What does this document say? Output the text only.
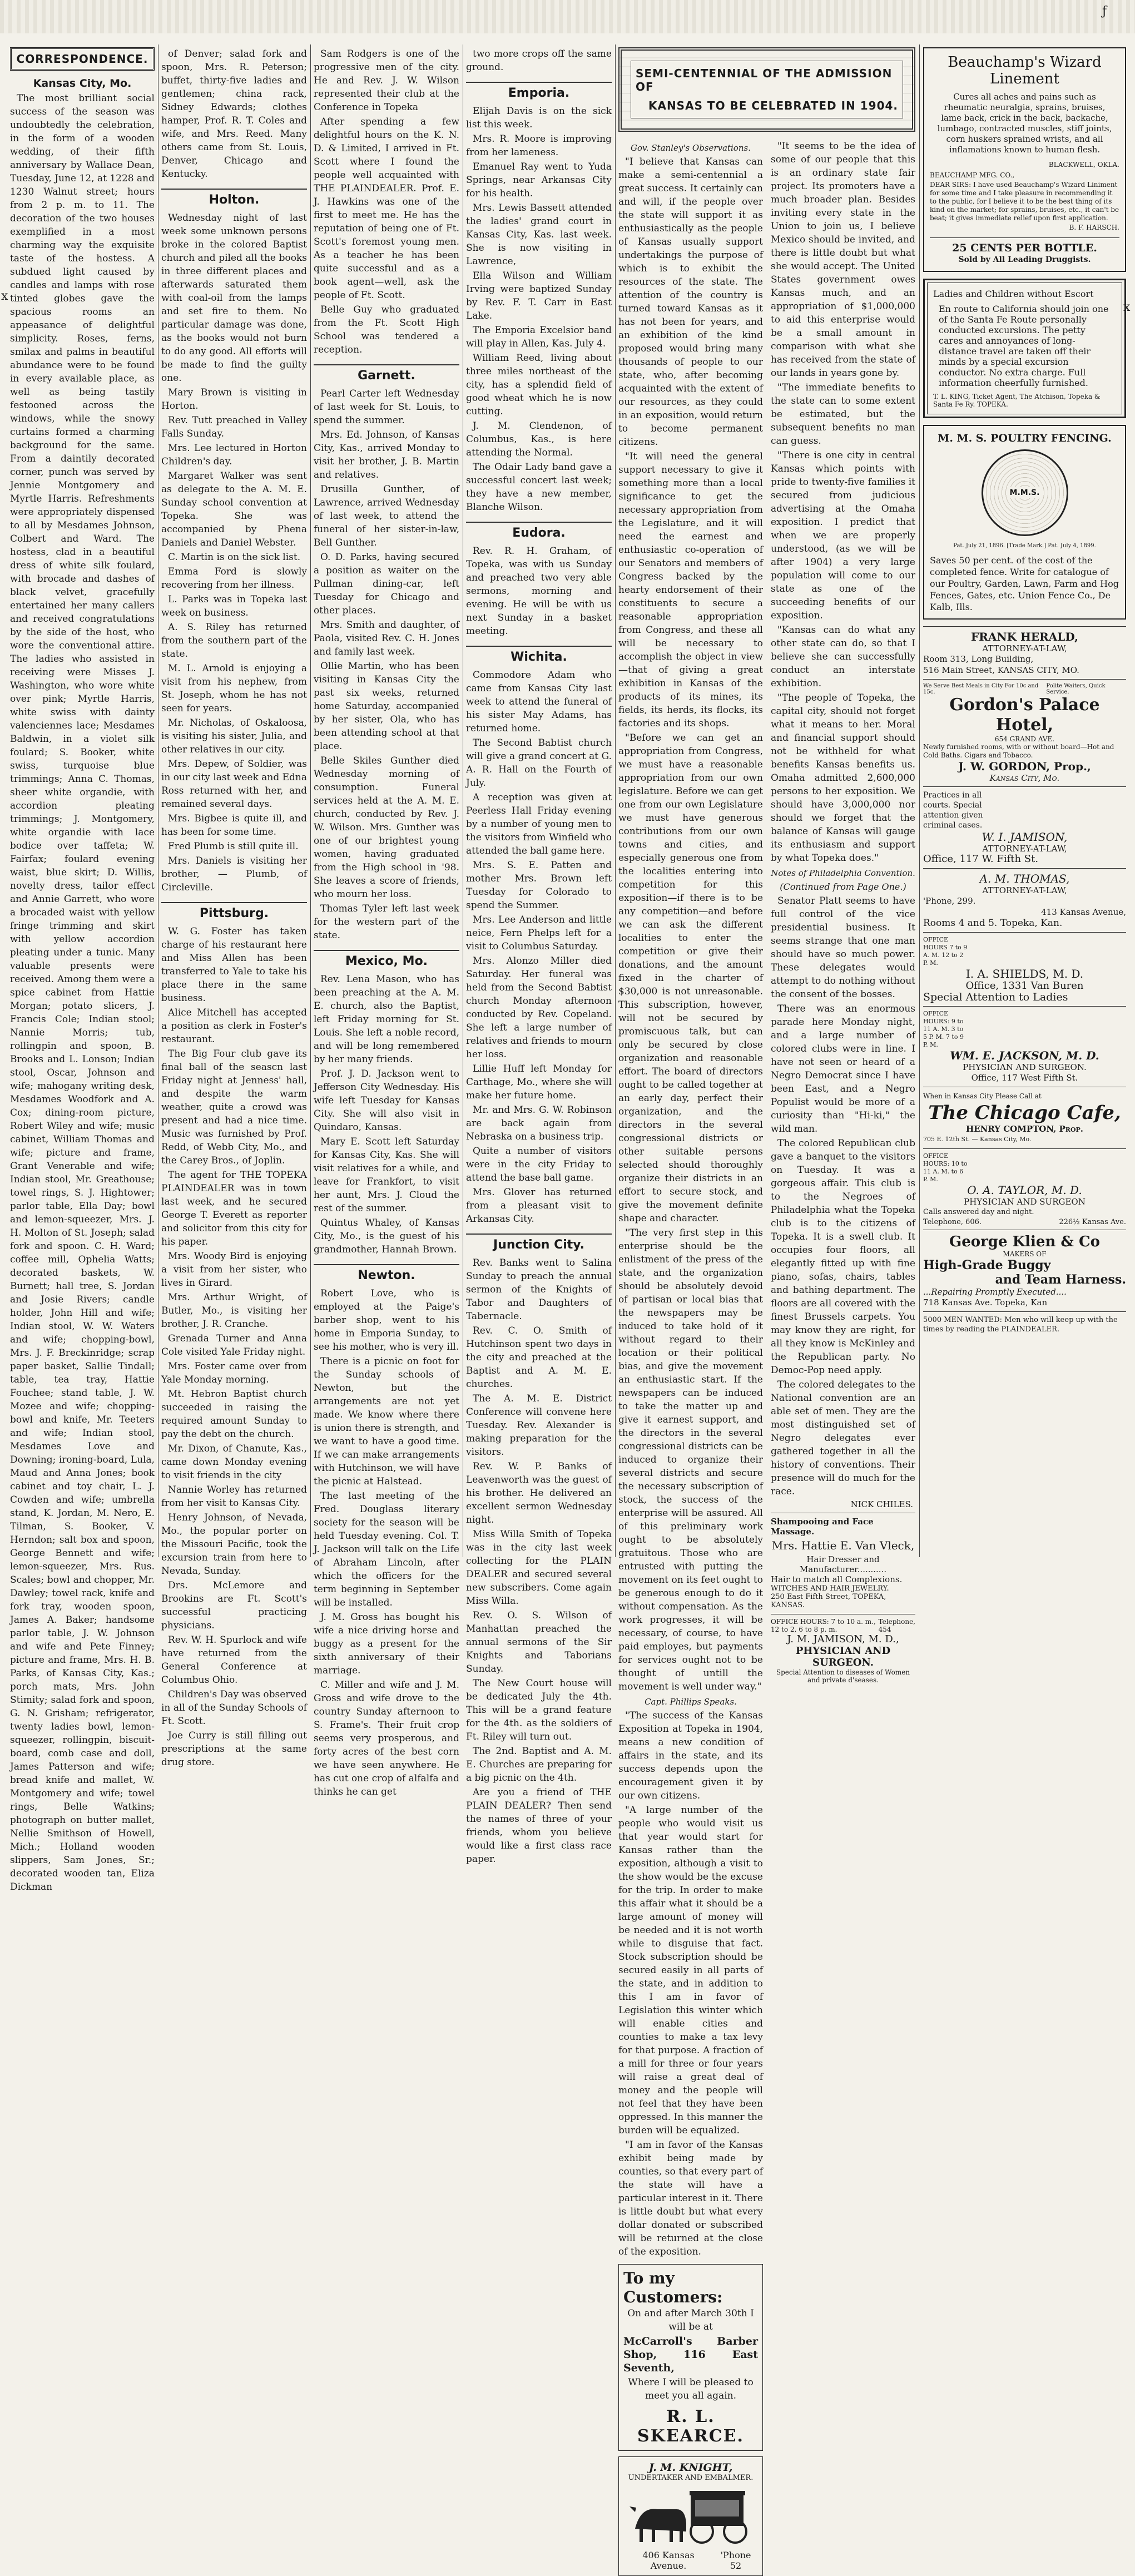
ƒ
x
x
CORRESPONDENCE.
Kansas City, Mo.

The most brilliant social success of the season was undoubtedly the celebration, in the form of a wooden wedding, of their fifth anniversary by Wallace Dean, Tuesday, June 12, at 1228 and 1230 Walnut street; hours from 2 p. m. to 11. The decoration of the two houses exemplified in a most charming way the exquisite taste of the hostess. A subdued light caused by candles and lamps with rose tinted globes gave the spacious rooms an appeasance of delightful simplicity. Roses, ferns, smilax and palms in beautiful abundance were to be found in every available place, as well as being tastily festooned across the windows, while the snowy curtains formed a charming background for the same. From a daintily decorated corner, punch was served by Jennie Montgomery and Myrtle Harris. Refreshments were appropriately dispensed to all by Mesdames Johnson, Colbert and Ward. The hostess, clad in a beautiful dress of white silk foulard, with brocade and dashes of black velvet, gracefully entertained her many callers and received congratulations by the side of the host, who wore the conventional attire. The ladies who assisted in receiving were Misses J. Washington, who wore white over pink; Myrtle Harris, white swiss with dainty valenciennes lace; Mesdames Baldwin, in a violet silk foulard; S. Booker, white swiss, turquoise blue trimmings; Anna C. Thomas, sheer white organdie, with accordion pleating trimmings; J. Montgomery, white organdie with lace bodice over taffeta; W. Fairfax; foulard evening waist, blue skirt; D. Willis, novelty dress, tailor effect and Annie Garrett, who wore a brocaded waist with yellow fringe trimming and skirt with yellow accordion pleating under a tunic. Many valuable presents were received. Among them were a spice cabinet from Hattie Morgan; potato slicers, J. Francis Cole; Indian stool; Nannie Morris; tub, rollingpin and spoon, B. Brooks and L. Lonson; Indian stool, Oscar, Johnson and wife; mahogany writing desk, Mesdames Woodfork and A. Cox; dining-room picture, Robert Wiley and wife; music cabinet, William Thomas and wife; picture and frame, Grant Venerable and wife; Indian stool, Mr. Greathouse; towel rings, S. J. Hightower; parlor table, Ella Day; bowl and lemon-squeezer, Mrs. J. H. Molton of St. Joseph; salad fork and spoon. C. H. Ward; coffee mill, Ophelia Watts; decorated baskets, W. Burnett; hall tree, S. Jordan and Josie Rivers; candle holder, John Hill and wife; Indian stool, W. W. Waters and wife; chopping-bowl, Mrs. J. F. Breckinridge; scrap paper basket, Sallie Tindall; table, tea tray, Hattie Fouchee; stand table, J. W. Mozee and wife; chopping-bowl and knife, Mr. Teeters and wife; Indian stool, Mesdames Love and Downing; ironing-board, Lula, Maud and Anna Jones; book cabinet and toy chair, L. J. Cowden and wife; umbrella stand, K. Jordan, M. Nero, E. Tilman, S. Booker, V. Herndon; salt box and spoon, George Bennett and wife; lemon-squeezer, Mrs. Rus. Scales; bowl and chopper, Mr. Dawley; towel rack, knife and fork tray, wooden spoon, James A. Baker; handsome parlor table, J. W. Johnson and wife and Pete Finney; picture and frame, Mrs. H. B. Parks, of Kansas City, Kas.; porch mats, Mrs. John Stimity; salad fork and spoon, G. N. Grisham; refrigerator, twenty ladies bowl, lemon-squeezer, rollingpin, biscuit-board, comb case and doll, James Patterson and wife; bread knife and mallet, W. Montgomery and wife; towel rings, Belle Watkins; photograph on butter mallet, Nellie Smithson of Howell, Mich.; Holland wooden slippers, Sam Jones, Sr.; decorated wooden tan, Eliza Dickman

of Denver; salad fork and spoon, Mrs. R. Peterson; buffet, thirty-five ladies and gentlemen; china rack, Sidney Edwards; clothes hamper, Prof. R. T. Coles and wife, and Mrs. Reed. Many others came from St. Louis, Denver, Chicago and Kentucky.

Holton.

Wednesday night of last week some unknown persons broke in the colored Baptist church and piled all the books in three different places and afterwards saturated them with coal-oil from the lamps and set fire to them. No particular damage was done, as the books would not burn to do any good. All efforts will be made to find the guilty one.

Mary Brown is visiting in Horton.

Rev. Tutt preached in Valley Falls Sunday.

Mrs. Lee lectured in Horton Children's day.

Margaret Walker was sent as delegate to the A. M. E. Sunday school convention at Topeka. She was accompanied by Phena Daniels and Daniel Webster.

C. Martin is on the sick list.

Emma Ford is slowly recovering from her illness.

L. Parks was in Topeka last week on business.

A. S. Riley has returned from the southern part of the state.

M. L. Arnold is enjoying a visit from his nephew, from St. Joseph, whom he has not seen for years.

Mr. Nicholas, of Oskaloosa, is visiting his sister, Julia, and other relatives in our city.

Mrs. Depew, of Soldier, was in our city last week and Edna Ross returned with her, and remained several days.

Mrs. Bigbee is quite ill, and has been for some time.

Fred Plumb is still quite ill.

Mrs. Daniels is visiting her brother, — Plumb, of Circleville.

Pittsburg.

W. G. Foster has taken charge of his restaurant here and Miss Allen has been transferred to Yale to take his place there in the same business.

Alice Mitchell has accepted a position as clerk in Foster's restaurant.

The Big Four club gave its final ball of the seascn last Friday night at Jenness' hall, and despite the warm weather, quite a crowd was present and had a nice time. Music was furnished by Prof. Redd, of Webb City, Mo., and the Carey Bros., of Joplin.

The agent for THE TOPEKA PLAINDEALER was in town last week, and he secured George T. Everett as reporter and solicitor from this city for his paper.

Mrs. Woody Bird is enjoying a visit from her sister, who lives in Girard.

Mrs. Arthur Wright, of Butler, Mo., is visiting her brother, J. R. Cranche.

Grenada Turner and Anna Cole visited Yale Friday night.

Mrs. Foster came over from Yale Monday morning.

Mt. Hebron Baptist church succeeded in raising the required amount Sunday to pay the debt on the church.

Mr. Dixon, of Chanute, Kas., came down Monday evening to visit friends in the city

Nannie Worley has returned from her visit to Kansas City.

Henry Johnson, of Nevada, Mo., the popular porter on the Missouri Pacific, took the excursion train from here to Nevada, Sunday.

Drs. McLemore and Brookins are Ft. Scott's successful practicing physicians.

Rev. W. H. Spurlock and wife have returned from the General Conference at Columbus Ohio.

Children's Day was observed in all of the Sunday Schools of Ft. Scott.

Joe Curry is still filling out prescriptions at the same drug store.

Sam Rodgers is one of the progressive men of the city. He and Rev. J. W. Wilson represented their club at the Conference in Topeka

After spending a few delightful hours on the K. N. D. & Limited, I arrived in Ft. Scott where I found the people well acquainted with THE PLAINDEALER. Prof. E. J. Hawkins was one of the first to meet me. He has the reputation of being one of Ft. Scott's foremost young men. As a teacher he has been quite successful and as a book agent—well, ask the people of Ft. Scott.

Belle Guy who graduated from the Ft. Scott High School was tendered a reception.

Garnett.

Pearl Carter left Wednesday of last week for St. Louis, to spend the summer.

Mrs. Ed. Johnson, of Kansas City, Kas., arrived Monday to visit her brother, J. B. Martin and relatives.

Drusilla Gunther, of Lawrence, arrived Wednesday of last week, to attend the funeral of her sister-in-law, Bell Gunther.

O. D. Parks, having secured a position as waiter on the Pullman dining-car, left Tuesday for Chicago and other places.

Mrs. Smith and daughter, of Paola, visited Rev. C. H. Jones and family last week.

Ollie Martin, who has been visiting in Kansas City the past six weeks, returned home Saturday, accompanied by her sister, Ola, who has been attending school at that place.

Belle Skiles Gunther died Wednesday morning of consumption. Funeral services held at the A. M. E. church, conducted by Rev. J. W. Wilson. Mrs. Gunther was one of our brightest young women, having graduated from the High school in '98. She leaves a score of friends, who mourn her loss.

Thomas Tyler left last week for the western part of the state.

Mexico, Mo.

Rev. Lena Mason, who has been preaching at the A. M. E. church, also the Baptist, left Friday morning for St. Louis. She left a noble record, and will be long remembered by her many friends.

Prof. J. D. Jackson went to Jefferson City Wednesday. His wife left Tuesday for Kansas City. She will also visit in Quindaro, Kansas.

Mary E. Scott left Saturday for Kansas City, Kas. She will visit relatives for a while, and leave for Frankfort, to visit her aunt, Mrs. J. Cloud the rest of the summer.

Quintus Whaley, of Kansas City, Mo., is the guest of his grandmother, Hannah Brown.

Newton.

Robert Love, who is employed at the Paige's barber shop, went to his home in Emporia Sunday, to see his mother, who is very ill.

There is a picnic on foot for the Sunday schools of Newton, but the arrangements are not yet made. We know where there is union there is strength, and we want to have a good time. If we can make arrangements with Hutchinson, we will have the picnic at Halstead.

The last meeting of the Fred. Douglass literary society for the season will be held Tuesday evening. Col. T. J. Jackson will talk on the Life of Abraham Lincoln, after which the officers for the term beginning in September will be installed.

J. M. Gross has bought his wife a nice driving horse and buggy as a present for the sixth anniversary of their marriage.

C. Miller and wife and J. M. Gross and wife drove to the country Sunday afternoon to S. Frame's. Their fruit crop seems very prosperous, and forty acres of the best corn we have seen anywhere. He has cut one crop of alfalfa and thinks he can get

two more crops off the same ground.

Emporia.

Elijah Davis is on the sick list this week.

Mrs. R. Moore is improving from her lameness.

Emanuel Ray went to Yuda Springs, near Arkansas City for his health.

Mrs. Lewis Bassett attended the ladies' grand court in Kansas City, Kas. last week. She is now visiting in Lawrence,

Ella Wilson and William Irving were baptized Sunday by Rev. F. T. Carr in East Lake.

The Emporia Excelsior band will play in Allen, Kas. July 4.

William Reed, living about three miles northeast of the city, has a splendid field of good wheat which he is now cutting.

J. M. Clendenon, of Columbus, Kas., is here attending the Normal.

The Odair Lady band gave a successful concert last week; they have a new member, Blanche Wilson.

Eudora.

Rev. R. H. Graham, of Topeka, was with us Sunday and preached two very able sermons, morning and evening. He will be with us next Sunday in a basket meeting.

Wichita.

Commodore Adam who came from Kansas City last week to attend the funeral of his sister May Adams, has returned home.

The Second Babtist church will give a grand concert at G. A. R. Hall on the Fourth of July.

A reception was given at Peerless Hall Friday evening by a number of young men to the visitors from Winfield who attended the ball game here.

Mrs. S. E. Patten and mother Mrs. Brown left Tuesday for Colorado to spend the Summer.

Mrs. Lee Anderson and little neice, Fern Phelps left for a visit to Columbus Saturday.

Mrs. Alonzo Miller died Saturday. Her funeral was held from the Second Babtist church Monday afternoon conducted by Rev. Copeland. She left a large number of relatives and friends to mourn her loss.

Lillie Huff left Monday for Carthage, Mo., where she will make her future home.

Mr. and Mrs. G. W. Robinson are back again from Nebraska on a business trip.

Quite a number of visitors were in the city Friday to attend the base ball game.

Mrs. Glover has returned from a pleasant visit to Arkansas City.

Junction City.

Rev. Banks went to Salina Sunday to preach the annual sermon of the Knights of Tabor and Daughters of Tabernacle.

Rev. C. O. Smith of Hutchinson spent two days in the city and preached at the Baptist and A. M. E. churches.

The A. M. E. District Conference will convene here Tuesday. Rev. Alexander is making preparation for the visitors.

Rev. W. P. Banks of Leavenworth was the guest of his brother. He delivered an excellent sermon Wednesday night.

Miss Willa Smith of Topeka was in the city last week collecting for the PLAIN DEALER and secured several new subscribers. Come again Miss Willa.

Rev. O. S. Wilson of Manhattan preached the annual sermons of the Sir Knights and Taborians Sunday.

The New Court house will be dedicated July the 4th. This will be a grand feature for the 4th. as the soldiers of Ft. Riley will turn out.

The 2nd. Baptist and A. M. E. Churches are preparing for a big picnic on the 4th.

Are you a friend of THE PLAIN DEALER? Then send the names of three of your friends, whom you believe would like a first class race paper.

SEMI-CENTENNIAL OF THE ADMISSION OF
KANSAS TO BE CELEBRATED IN 1904.
Gov. Stanley's Observations.

"I believe that Kansas can make a semi-centennial a great success. It certainly can and will, if the people over the state will support it as enthusiastically as the people of Kansas usually support undertakings the purpose of which is to exhibit the resources of the state. The attention of the country is turned toward Kansas as it has not been for years, and an exhibition of the kind proposed would bring many thousands of people to our state, who, after becoming acquainted with the extent of our resources, as they could in an exposition, would return to become permanent citizens.

"It will need the general support necessary to give it something more than a local significance to get the necessary appropriation from the Legislature, and it will need the earnest and enthusiastic co-operation of our Senators and members of Congress backed by the hearty endorsement of their constituents to secure a reasonable appropriation from Congress, and these all will be necessary to accomplish the object in view—that of giving a great exhibition in Kansas of the products of its mines, its fields, its herds, its flocks, its factories and its shops.

"Before we can get an appropriation from Congress, we must have a reasonable appropriation from our own legislature. Before we can get one from our own Legislature we must have generous contributions from our own towns and cities, and especially generous one from the localities entering into competition for this exposition—if there is to be any competition—and before we can ask the different localities to enter the competition or give their donations, and the amount fixed in the charter of $30,000 is not unreasonable. This subscription, however, will not be secured by promiscuous talk, but can only be secured by close organization and reasonable effort. The board of directors ought to be called together at an early day, perfect their organization, and the directors in the several congressional districts or other suitable persons selected should thoroughly organize their districts in an effort to secure stock, and give the movement definite shape and character.

"The very first step in this enterprise should be the enlistment of the press of the state, and the organization should be absolutely devoid of partisan or local bias that the newspapers may be induced to take hold of it without regard to their location or their political bias, and give the movement an enthusiastic start. If the newspapers can be induced to take the matter up and give it earnest support, and the directors in the several congressional districts can be induced to organize their several districts and secure the necessary subscription of stock, the success of the enterprise will be assured. All of this preliminary work ought to be absolutely gratuitous. Those who are entrusted with putting the movement on its feet ought to be generous enough to do it without compensation. As the work progresses, it will be necessary, of course, to have paid employes, but payments for services ought not to be thought of untill the movement is well under way."

Capt. Phillips Speaks.

"The success of the Kansas Exposition at Topeka in 1904, means a new condition of affairs in the state, and its success depends upon the encouragement given it by our own citizens.

"A large number of the people who would visit us that year would start for Kansas rather than the exposition, although a visit to the show would be the excuse for the trip. In order to make this affair what it should be a large amount of money will be needed and it is not worth while to disguise that fact. Stock subscription should be secured easily in all parts of the state, and in addition to this I am in favor of Legislation this winter which will enable cities and counties to make a tax levy for that purpose. A fraction of a mill for three or four years will raise a great deal of money and the people will not feel that they have been oppressed. In this manner the burden will be equalized.

"I am in favor of the Kansas exhibit being made by counties, so that every part of the state will have a particular interest in it. There is little doubt but what every dollar donated or subscribed will be returned at the close of the exposition.

To my Customers:

On and after March 30th I will be at

McCarroll's Barber Shop, 116 East Seventh,

Where I will be pleased to meet you all again.

R. L. SKEARCE.
J. M. KNIGHT,
UNDERTAKER AND EMBALMER.
406 Kansas Avenue.
'Phone 52

"It seems to be the idea of some of our people that this is an ordinary state fair project. Its promoters have a much broader plan. Besides inviting every state in the Union to join us, I believe Mexico should be invited, and there is little doubt but what she would accept. The United States government owes Kansas much, and an appropriation of $1,000,000 to aid this enterprise would be a small amount in comparison with what she has received from the state of our lands in years gone by.

"The immediate benefits to the state can to some extent be estimated, but the subsequent benefits no man can guess.

"There is one city in central Kansas which points with pride to twenty-five families it secured from judicious advertising at the Omaha exposition. I predict that when we are properly understood, (as we will be after 1904) a very large population will come to our state as one of the succeeding benefits of our exposition.

"Kansas can do what any other state can do, so that I believe she can successfully conduct an interstate exhibition.

"The people of Topeka, the capital city, should not forget what it means to her. Moral and financial support should not be withheld for what benefits Kansas benefits us. Omaha admitted 2,600,000 persons to her exposition. We should have 3,000,000 nor should we forget that the balance of Kansas will gauge its enthusiasm and support by what Topeka does."

Notes of Philadelphia Convention.
(Continued from Page One.)

Senator Platt seems to have full control of the vice presidential business. It seems strange that one man should have so much power. These delegates would attempt to do nothing without the consent of the bosses.

There was an enormous parade here Monday night, and a large number of colored clubs were in line. I have not seen or heard of a Negro Democrat since I have been East, and a Negro Populist would be more of a curiosity than "Hi-ki," the wild man.

The colored Republican club gave a banquet to the visitors on Tuesday. It was a gorgeous affair. This club is to the Negroes of Philadelphia what the Topeka club is to the citizens of Topeka. It is a swell club. It occupies four floors, all elegantly fitted up with fine piano, sofas, chairs, tables and bathing department. The floors are all covered with the finest Brussels carpets. You may know they are right, for all they know is McKinley and the Republican party. No Democ-Pop need apply.

The colored delegates to the National convention are an able set of men. They are the most distinguished set of Negro delegates ever gathered together in all the history of conventions. Their presence will do much for the race.

NICK CHILES.
Shampooing and Face Massage.
Mrs. Hattie E. Van Vleck,
Hair Dresser and
Manufacturer...........
Hair to match all Complexions.
WITCHES AND HAIR JEWELRY.
250 East Fifth Street, TOPEKA, KANSAS.
OFFICE HOURS: 7 to 10 a. m., 12 to 2, 6 to 8 p. m.
Telephone, 454
J. M. JAMISON, M. D.,
PHYSICIAN AND SURGEON.
Special Attention to diseases of Women and private d'seases.
Beauchamp's Wizard Linement
Cures all aches and pains such as rheumatic neuralgia, sprains, bruises, lame back, crick in the back, backache, lumbago, contracted muscles, stiff joints, corn huskers sprained wrists, and all inflamations known to human flesh.
BLACKWELL, OKLA.
BEAUCHAMP MFG. CO.,
DEAR SIRS: I have used Beauchamp's Wizard Liniment for some time and I take pleasure in recommending it to the public, for I believe it to be the best thing of its kind on the market; for sprains, bruises, etc., it can't be beat; it gives immediate relief upon first application.
B. F. HARSCH.
25 CENTS PER BOTTLE.
Sold by All Leading Druggists.
Ladies and Children without Escort
En route to California should join one of the Santa Fe Route personally conducted excursions. The petty cares and annoyances of long-distance travel are taken off their minds by a special excursion conductor. No extra charge. Full information cheerfully furnished.
T. L. KING, Ticket Agent, The Atchison, Topeka & Santa Fe Ry. TOPEKA.
M. M. S. POULTRY FENCING.
M.M.S.
Pat. July 21, 1896. [Trade Mark.] Pat. July 4, 1899.
Saves 50 per cent. of the cost of the completed fence. Write for catalogue of our Poultry, Garden, Lawn, Farm and Hog Fences, Gates, etc. Union Fence Co., De Kalb, Ills.
FRANK HERALD,
ATTORNEY-AT-LAW,
Room 313, Long Building,
516 Main Street, KANSAS CITY, MO.
We Serve Best Meals in City For 10c and 15c.
Polite Waiters, Quick Service.
Gordon's Palace Hotel,
654 GRAND AVE.
Newly furnished rooms, with or without board—Hot and Cold Baths. Cigars and Tobacco.
J. W. GORDON, Prop.,
Kansas City, Mo.
Practices in all courts. Special attention given criminal cases.
W. I. JAMISON,
ATTORNEY-AT-LAW,
Office, 117 W. Fifth St.
A. M. THOMAS,
ATTORNEY-AT-LAW,
'Phone, 299.
413 Kansas Avenue,
Rooms 4 and 5. Topeka, Kan.
OFFICE HOURS 7 to 9 A. M. 12 to 2 P. M.
I. A. SHIELDS, M. D.
Office, 1331 Van Buren
Special Attention to Ladies
OFFICE HOURS: 9 to 11 A. M. 3 to 5 P. M. 7 to 9 P. M.
WM. E. JACKSON, M. D.
PHYSICIAN AND SURGEON.
Office, 117 West Fifth St.
When in Kansas City Please Call at
The Chicago Cafe,
HENRY COMPTON, Prop.
705 E. 12th St. — Kansas City, Mo.
OFFICE HOURS: 10 to 11 A. M. to 6 P. M.
O. A. TAYLOR, M. D.
PHYSICIAN AND SURGEON
Calls answered day and night.
Telephone, 606.	226½ Kansas Ave.
George Klien & Co
MAKERS OF
High-Grade Buggy
and Team Harness.
...Repairing Promptly Executed....
718 Kansas Ave. Topeka, Kan
5000 MEN WANTED: Men who will keep up with the times by reading the PLAINDEALER.
